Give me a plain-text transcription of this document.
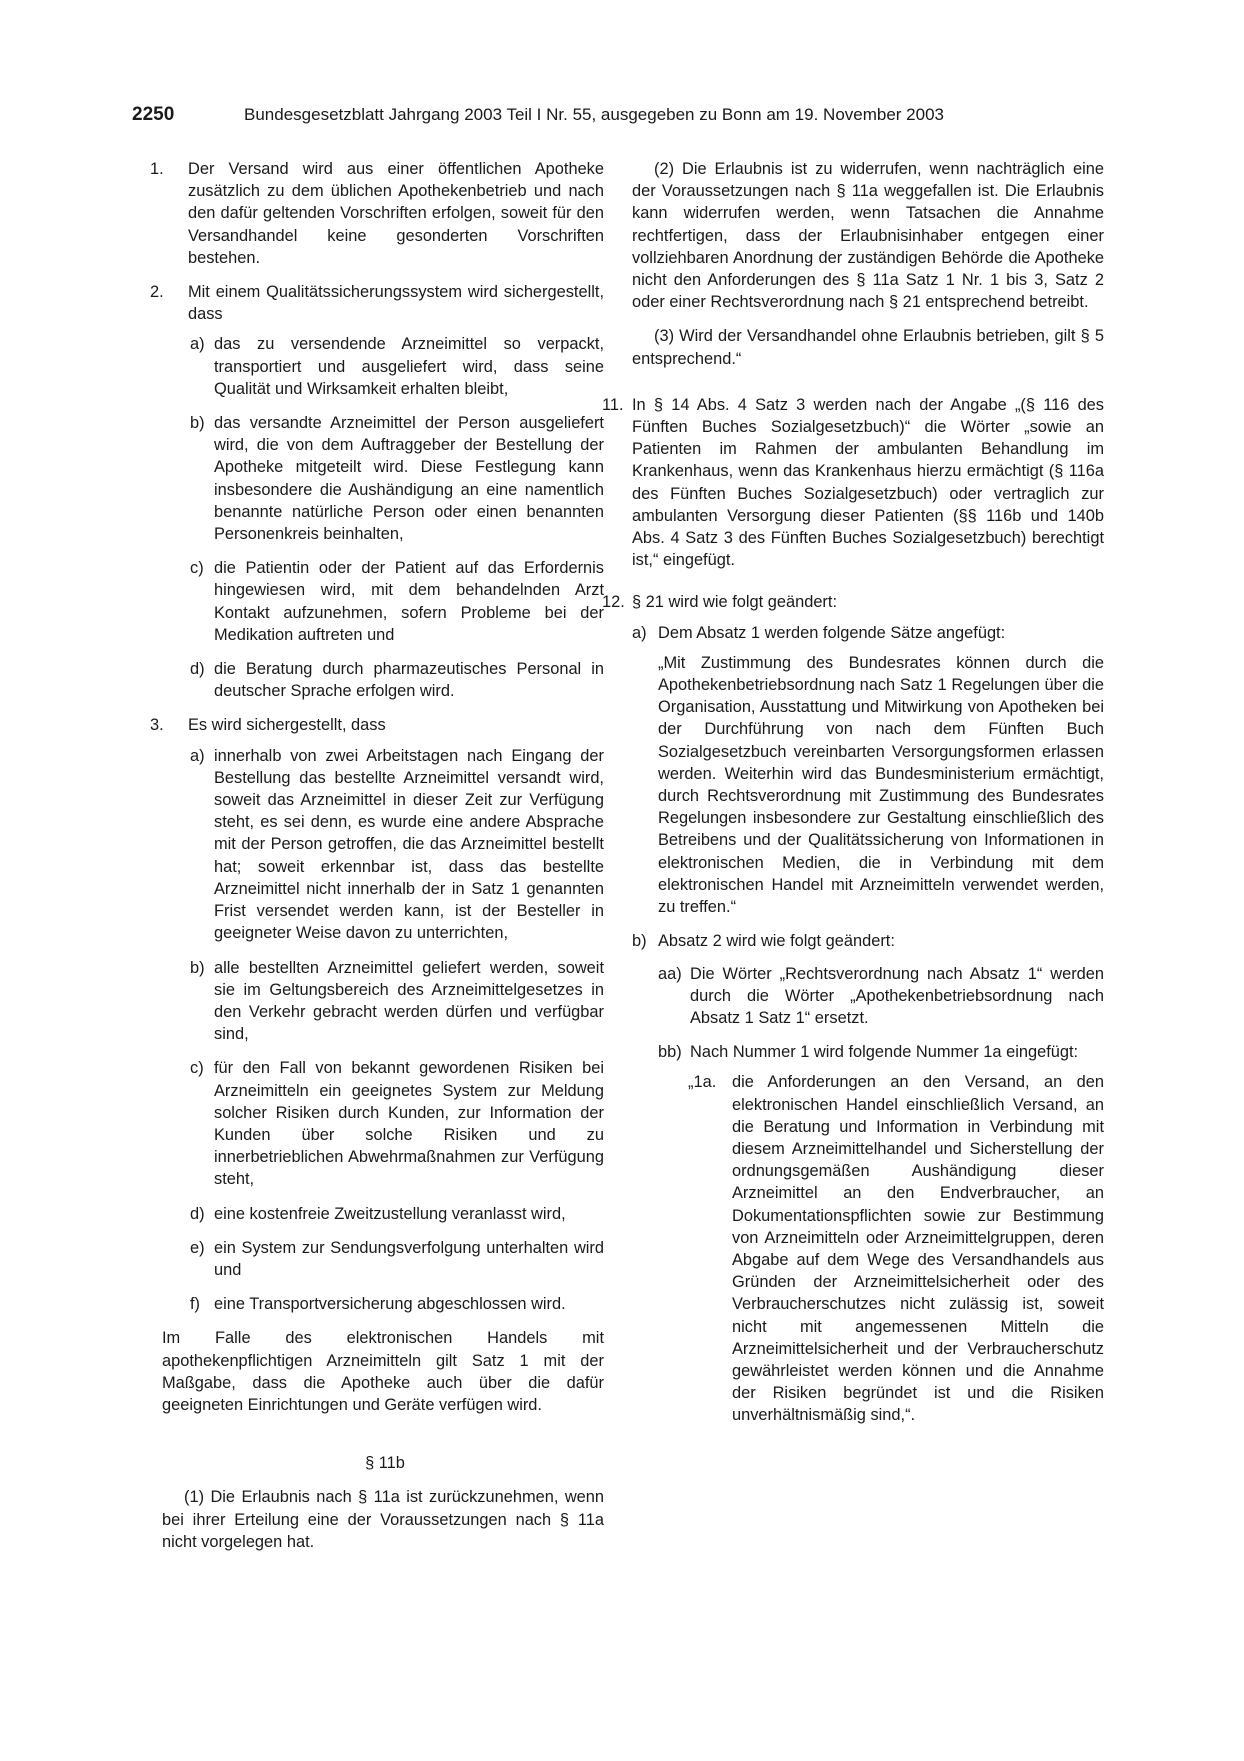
2250	Bundesgesetzblatt Jahrgang 2003 Teil I Nr. 55, ausgegeben zu Bonn am 19. November 2003
1. Der Versand wird aus einer öffentlichen Apotheke zusätzlich zu dem üblichen Apothekenbetrieb und nach den dafür geltenden Vorschriften erfolgen, soweit für den Versandhandel keine gesonderten Vorschriften bestehen.

2. Mit einem Qualitätssicherungssystem wird sichergestellt, dass

a) das zu versendende Arzneimittel so verpackt, transportiert und ausgeliefert wird, dass seine Qualität und Wirksamkeit erhalten bleibt,

b) das versandte Arzneimittel der Person ausgeliefert wird, die von dem Auftraggeber der Bestellung der Apotheke mitgeteilt wird. Diese Festlegung kann insbesondere die Aushändigung an eine namentlich benannte natürliche Person oder einen benannten Personenkreis beinhalten,

c) die Patientin oder der Patient auf das Erfordernis hingewiesen wird, mit dem behandelnden Arzt Kontakt aufzunehmen, sofern Probleme bei der Medikation auftreten und

d) die Beratung durch pharmazeutisches Personal in deutscher Sprache erfolgen wird.

3. Es wird sichergestellt, dass

a) innerhalb von zwei Arbeitstagen nach Eingang der Bestellung das bestellte Arzneimittel versandt wird, soweit das Arzneimittel in dieser Zeit zur Verfügung steht, es sei denn, es wurde eine andere Absprache mit der Person getroffen, die das Arzneimittel bestellt hat; soweit erkennbar ist, dass das bestellte Arzneimittel nicht innerhalb der in Satz 1 genannten Frist versendet werden kann, ist der Besteller in geeigneter Weise davon zu unterrichten,

b) alle bestellten Arzneimittel geliefert werden, soweit sie im Geltungsbereich des Arzneimittelgesetzes in den Verkehr gebracht werden dürfen und verfügbar sind,

c) für den Fall von bekannt gewordenen Risiken bei Arzneimitteln ein geeignetes System zur Meldung solcher Risiken durch Kunden, zur Information der Kunden über solche Risiken und zu innerbetrieblichen Abwehrmaßnahmen zur Verfügung steht,

d) eine kostenfreie Zweitzustellung veranlasst wird,

e) ein System zur Sendungsverfolgung unterhalten wird und

f) eine Transportversicherung abgeschlossen wird.

Im Falle des elektronischen Handels mit apothekenpflichtigen Arzneimitteln gilt Satz 1 mit der Maßgabe, dass die Apotheke auch über die dafür geeigneten Einrichtungen und Geräte verfügen wird.

§ 11b

(1) Die Erlaubnis nach § 11a ist zurückzunehmen, wenn bei ihrer Erteilung eine der Voraussetzungen nach § 11a nicht vorgelegen hat.

(2) Die Erlaubnis ist zu widerrufen, wenn nachträglich eine der Voraussetzungen nach § 11a weggefallen ist. Die Erlaubnis kann widerrufen werden, wenn Tatsachen die Annahme rechtfertigen, dass der Erlaubnisinhaber entgegen einer vollziehbaren Anordnung der zuständigen Behörde die Apotheke nicht den Anforderungen des § 11a Satz 1 Nr. 1 bis 3, Satz 2 oder einer Rechtsverordnung nach § 21 entsprechend betreibt.

(3) Wird der Versandhandel ohne Erlaubnis betrieben, gilt § 5 entsprechend.“

11. In § 14 Abs. 4 Satz 3 werden nach der Angabe „(§ 116 des Fünften Buches Sozialgesetzbuch)“ die Wörter „sowie an Patienten im Rahmen der ambulanten Behandlung im Krankenhaus, wenn das Krankenhaus hierzu ermächtigt (§ 116a des Fünften Buches Sozialgesetzbuch) oder vertraglich zur ambulanten Versorgung dieser Patienten (§§ 116b und 140b Abs. 4 Satz 3 des Fünften Buches Sozialgesetzbuch) berechtigt ist,“ eingefügt.

12. § 21 wird wie folgt geändert:

a) Dem Absatz 1 werden folgende Sätze angefügt:

„Mit Zustimmung des Bundesrates können durch die Apothekenbetriebsordnung nach Satz 1 Regelungen über die Organisation, Ausstattung und Mitwirkung von Apotheken bei der Durchführung von nach dem Fünften Buch Sozialgesetzbuch vereinbarten Versorgungsformen erlassen werden. Weiterhin wird das Bundesministerium ermächtigt, durch Rechtsverordnung mit Zustimmung des Bundesrates Regelungen insbesondere zur Gestaltung einschließlich des Betreibens und der Qualitätssicherung von Informationen in elektronischen Medien, die in Verbindung mit dem elektronischen Handel mit Arzneimitteln verwendet werden, zu treffen.“

b) Absatz 2 wird wie folgt geändert:

aa) Die Wörter „Rechtsverordnung nach Absatz 1“ werden durch die Wörter „Apothekenbetriebsordnung nach Absatz 1 Satz 1“ ersetzt.

bb) Nach Nummer 1 wird folgende Nummer 1a eingefügt:

„1a. die Anforderungen an den Versand, an den elektronischen Handel einschließlich Versand, an die Beratung und Information in Verbindung mit diesem Arzneimittelhandel und Sicherstellung der ordnungsgemäßen Aushändigung dieser Arzneimittel an den Endverbraucher, an Dokumentationspflichten sowie zur Bestimmung von Arzneimitteln oder Arzneimittelgruppen, deren Abgabe auf dem Wege des Versandhandels aus Gründen der Arzneimittelsicherheit oder des Verbraucherschutzes nicht zulässig ist, soweit nicht mit angemessenen Mitteln die Arzneimittelsicherheit und der Verbraucherschutz gewährleistet werden können und die Annahme der Risiken begründet ist und die Risiken unverhältnismäßig sind,“.
